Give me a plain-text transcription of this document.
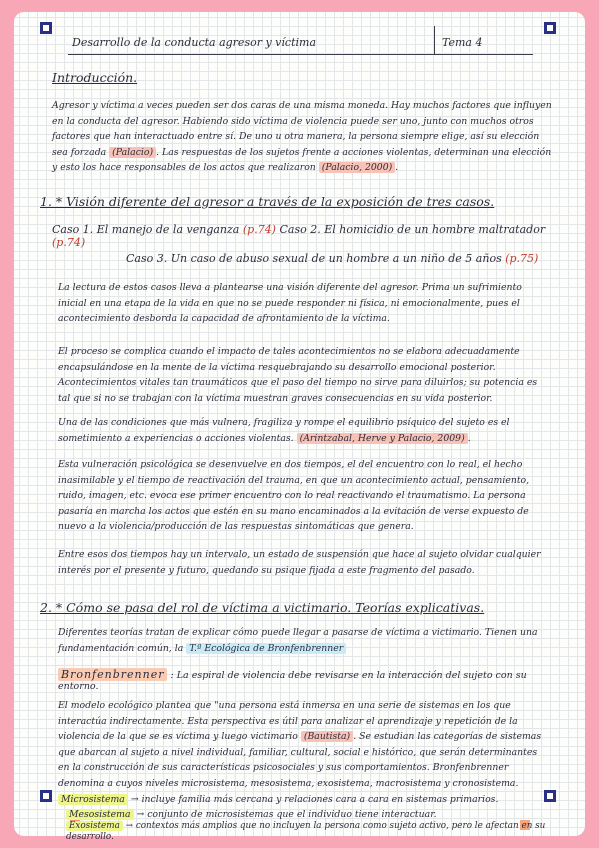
Desarrollo de la conducta agresor y víctima	Tema 4
Introducción.
Agresor y víctima a veces pueden ser dos caras de una misma moneda. Hay muchos factores que influyen en la conducta del agresor. Habiendo sido víctima de violencia puede ser uno, junto con muchos otros factores que han interactuado entre sí. De uno u otra manera, la persona siempre elige, así su elección sea forzada (Palacio) . Las respuestas de los sujetos frente a acciones violentas, determinan una elección y esto los hace responsables de los actos que realizaron (Palacio, 2000) .
1. * Visión diferente del agresor a través de la exposición de tres casos.
Caso 1. El manejo de la venganza (p.74) Caso 2. El homicidio de un hombre maltratador (p.74)
Caso 3. Un caso de abuso sexual de un hombre a un niño de 5 años (p.75)
La lectura de estos casos lleva a plantearse una visión diferente del agresor. Prima un sufrimiento inicial en una etapa de la vida en que no se puede responder ni física, ni emocionalmente, pues el acontecimiento desborda la capacidad de afrontamiento de la víctima.
El proceso se complica cuando el impacto de tales acontecimientos no se elabora adecuadamente encapsulándose en la mente de la víctima resquebrajando su desarrollo emocional posterior. Acontecimientos vitales tan traumáticos que el paso del tiempo no sirve para diluirlos; su potencia es tal que si no se trabajan con la víctima muestran graves consecuencias en su vida posterior.
Una de las condiciones que más vulnera, fragiliza y rompe el equilibrio psíquico del sujeto es el sometimiento a experiencias o acciones violentas. (Arintzabal, Herve y Palacio, 2009) .
Esta vulneración psicológica se desenvuelve en dos tiempos, el del encuentro con lo real, el hecho inasimilable y el tiempo de reactivación del trauma, en que un acontecimiento actual, pensamiento, ruido, imagen, etc. evoca ese primer encuentro con lo real reactivando el traumatismo. La persona pasaría en marcha los actos que estén en su mano encaminados a la evitación de verse expuesto de nuevo a la violencia/producción de las respuestas sintomáticas que genera.
Entre esos dos tiempos hay un intervalo, un estado de suspensión que hace al sujeto olvidar cualquier interés por el presente y futuro, quedando su psique fijada a este fragmento del pasado.
2. * Cómo se pasa del rol de víctima a victimario. Teorías explicativas.
Diferentes teorías tratan de explicar cómo puede llegar a pasarse de víctima a victimario. Tienen una fundamentación común, la T.ª Ecológica de Bronfenbrenner
Bronfenbrenner : La espiral de violencia debe revisarse en la interacción del sujeto con su entorno.
El modelo ecológico plantea que "una persona está inmersa en una serie de sistemas en los que interactúa indirectamente. Esta perspectiva es útil para analizar el aprendizaje y repetición de la violencia de la que se es víctima y luego victimario (Bautista) . Se estudian las categorías de sistemas que abarcan al sujeto a nivel individual, familiar, cultural, social e histórico, que serán determinantes en la construcción de sus características psicosociales y sus comportamientos. Bronfenbrenner denomina a cuyos niveles microsistema, mesosistema, exosistema, macrosistema y cronosistema.
Microsistema → incluye familia más cercana y relaciones cara a cara en sistemas primarios.
Mesosistema → conjunto de microsistemas que el individuo tiene interactuar.
Exosistema → contextos más amplios que no incluyen la persona como sujeto activo, pero le afectan en su desarrollo.
